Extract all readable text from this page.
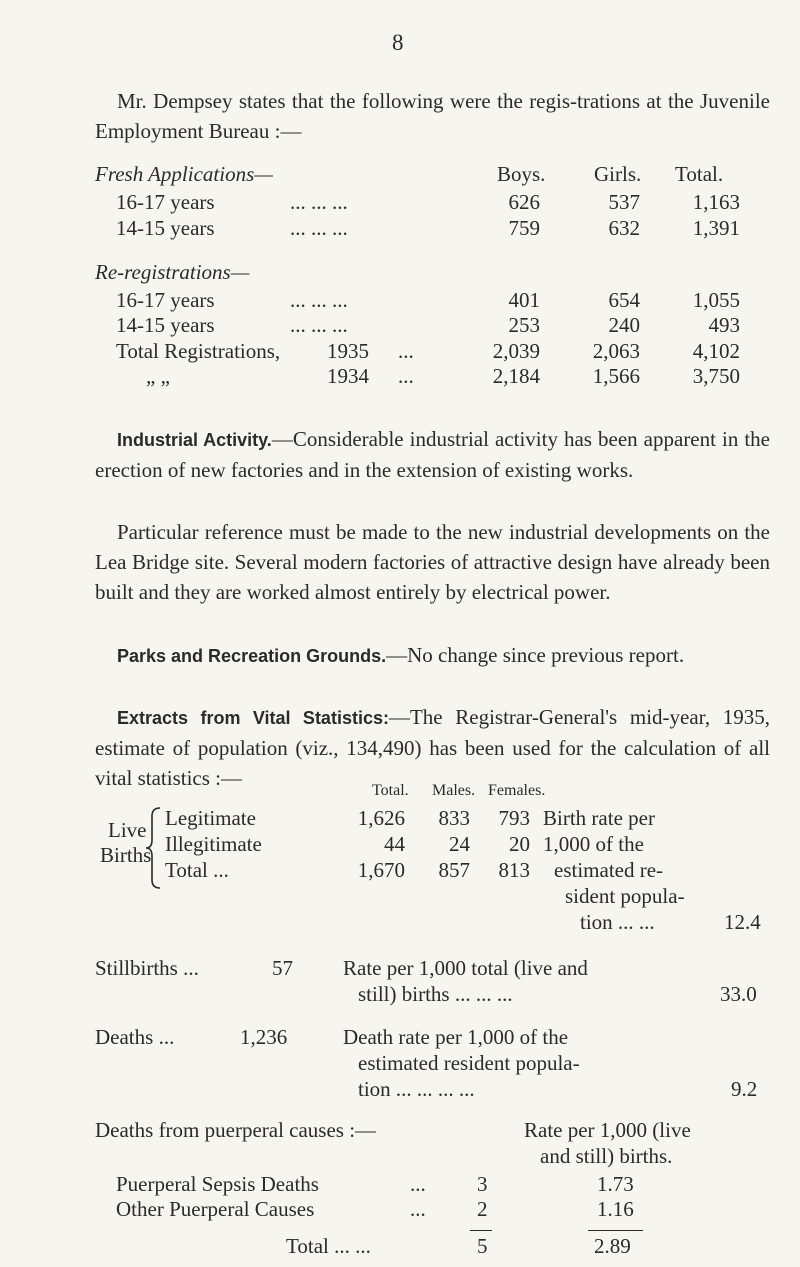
8
Mr. Dempsey states that the following were the regis-trations at the Juvenile Employment Bureau :—
Fresh Applications—	Boys. Girls. Total.
16-17 years	... ... ...	626	537	1,163
14-15 years	... ... ...	759	632	1,391
Re-registrations—
16-17 years	... ... ...	401	654	1,055
14-15 years	... ... ...	253	240	493
Total Registrations, 1935 ...	2,039	2,063	4,102
„ „	1934 ...	2,184	1,566	3,750
Industrial Activity.—Considerable industrial activity has been apparent in the erection of new factories and in the extension of existing works.
Particular reference must be made to the new industrial developments on the Lea Bridge site. Several modern factories of attractive design have already been built and they are worked almost entirely by electrical power.
Parks and Recreation Grounds.—No change since previous report.
Extracts from Vital Statistics:—The Registrar-General's mid-year, 1935, estimate of population (viz., 134,490) has been used for the calculation of all vital statistics :—
Total. Males. Females.
Live
Births
Legitimate	1,626	833	793
Illegitimate	44	24	20
Total ...	1,670	857	813
Birth rate per
1,000 of the
estimated re-
sident popula-
tion ... ...	12.4
Stillbirths ...	57 Rate per 1,000 total (live and
still) births ... ... ...	33.0
Deaths ...	1,236	Death rate per 1,000 of the
estimated resident popula-
tion ... ... ... ...	9.2
Deaths from puerperal causes :—	Rate per 1,000 (live
and still) births.
Puerperal Sepsis Deaths	... 3	1.73
Other Puerperal Causes	... 2	1.16
Total ... ...	5	2.89
